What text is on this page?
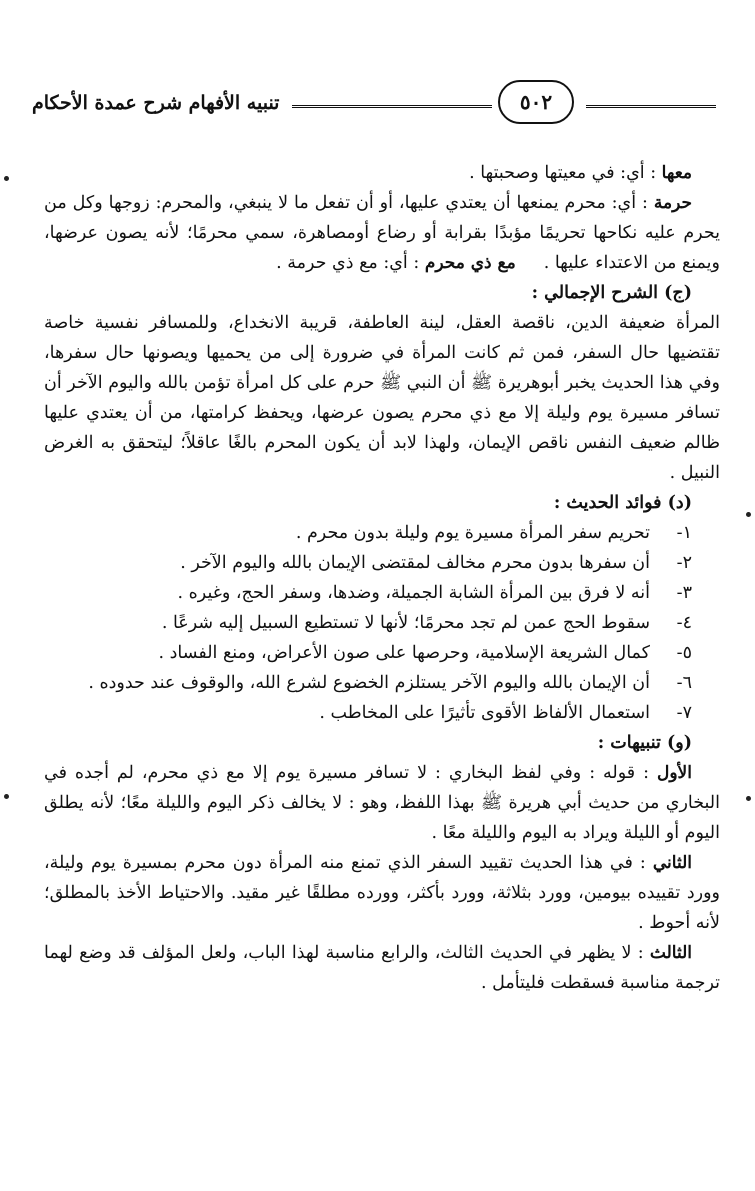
تنبيه الأفهام شرح عمدة الأحكام	٥٠٢

معها : أي: في معيتها وصحبتها .

حرمة : أي: محرم يمنعها أن يعتدي عليها، أو أن تفعل ما لا ينبغي، والمحرم: زوجها وكل من يحرم عليه نكاحها تحريمًا مؤبدًا بقرابة أو رضاع أومصاهرة، سمي محرمًا؛ لأنه يصون عرضها، ويمنع من الاعتداء عليها .مع ذي محرم : أي: مع ذي حرمة .

(ج) الشرح الإجمالي :

المرأة ضعيفة الدين، ناقصة العقل، لينة العاطفة، قريبة الانخداع، وللمسافر نفسية خاصة تقتضيها حال السفر، فمن ثم كانت المرأة في ضرورة إلى من يحميها ويصونها حال سفرها، وفي هذا الحديث يخبر أبوهريرة ﷺ أن النبي ﷺ حرم على كل امرأة تؤمن بالله واليوم الآخر أن تسافر مسيرة يوم وليلة إلا مع ذي محرم يصون عرضها، ويحفظ كرامتها، من أن يعتدي عليها ظالم ضعيف النفس ناقص الإيمان، ولهذا لابد أن يكون المحرم بالغًا عاقلاً؛ ليتحقق به الغرض النبيل .

(د) فوائد الحديث :

١-
تحريم سفر المرأة مسيرة يوم وليلة بدون محرم .

٢-
أن سفرها بدون محرم مخالف لمقتضى الإيمان بالله واليوم الآخر .

٣-
أنه لا فرق بين المرأة الشابة الجميلة، وضدها، وسفر الحج، وغيره .

٤-
سقوط الحج عمن لم تجد محرمًا؛ لأنها لا تستطيع السبيل إليه شرعًا .

٥-
كمال الشريعة الإسلامية، وحرصها على صون الأعراض، ومنع الفساد .

٦-
أن الإيمان بالله واليوم الآخر يستلزم الخضوع لشرع الله، والوقوف عند حدوده .

٧-
استعمال الألفاظ الأقوى تأثيرًا على المخاطب .

(و) تنبيهات :

الأول : قوله : وفي لفظ البخاري : لا تسافر مسيرة يوم إلا مع ذي محرم، لم أجده في البخاري من حديث أبي هريرة ﷺ بهذا اللفظ، وهو : لا يخالف ذكر اليوم والليلة معًا؛ لأنه يطلق اليوم أو الليلة ويراد به اليوم والليلة معًا .

الثاني : في هذا الحديث تقييد السفر الذي تمنع منه المرأة دون محرم بمسيرة يوم وليلة، وورد تقييده بيومين، وورد بثلاثة، وورد بأكثر، وورده مطلقًا غير مقيد. والاحتياط الأخذ بالمطلق؛ لأنه أحوط .

الثالث : لا يظهر في الحديث الثالث، والرابع مناسبة لهذا الباب، ولعل المؤلف قد وضع لهما ترجمة مناسبة فسقطت فليتأمل .
